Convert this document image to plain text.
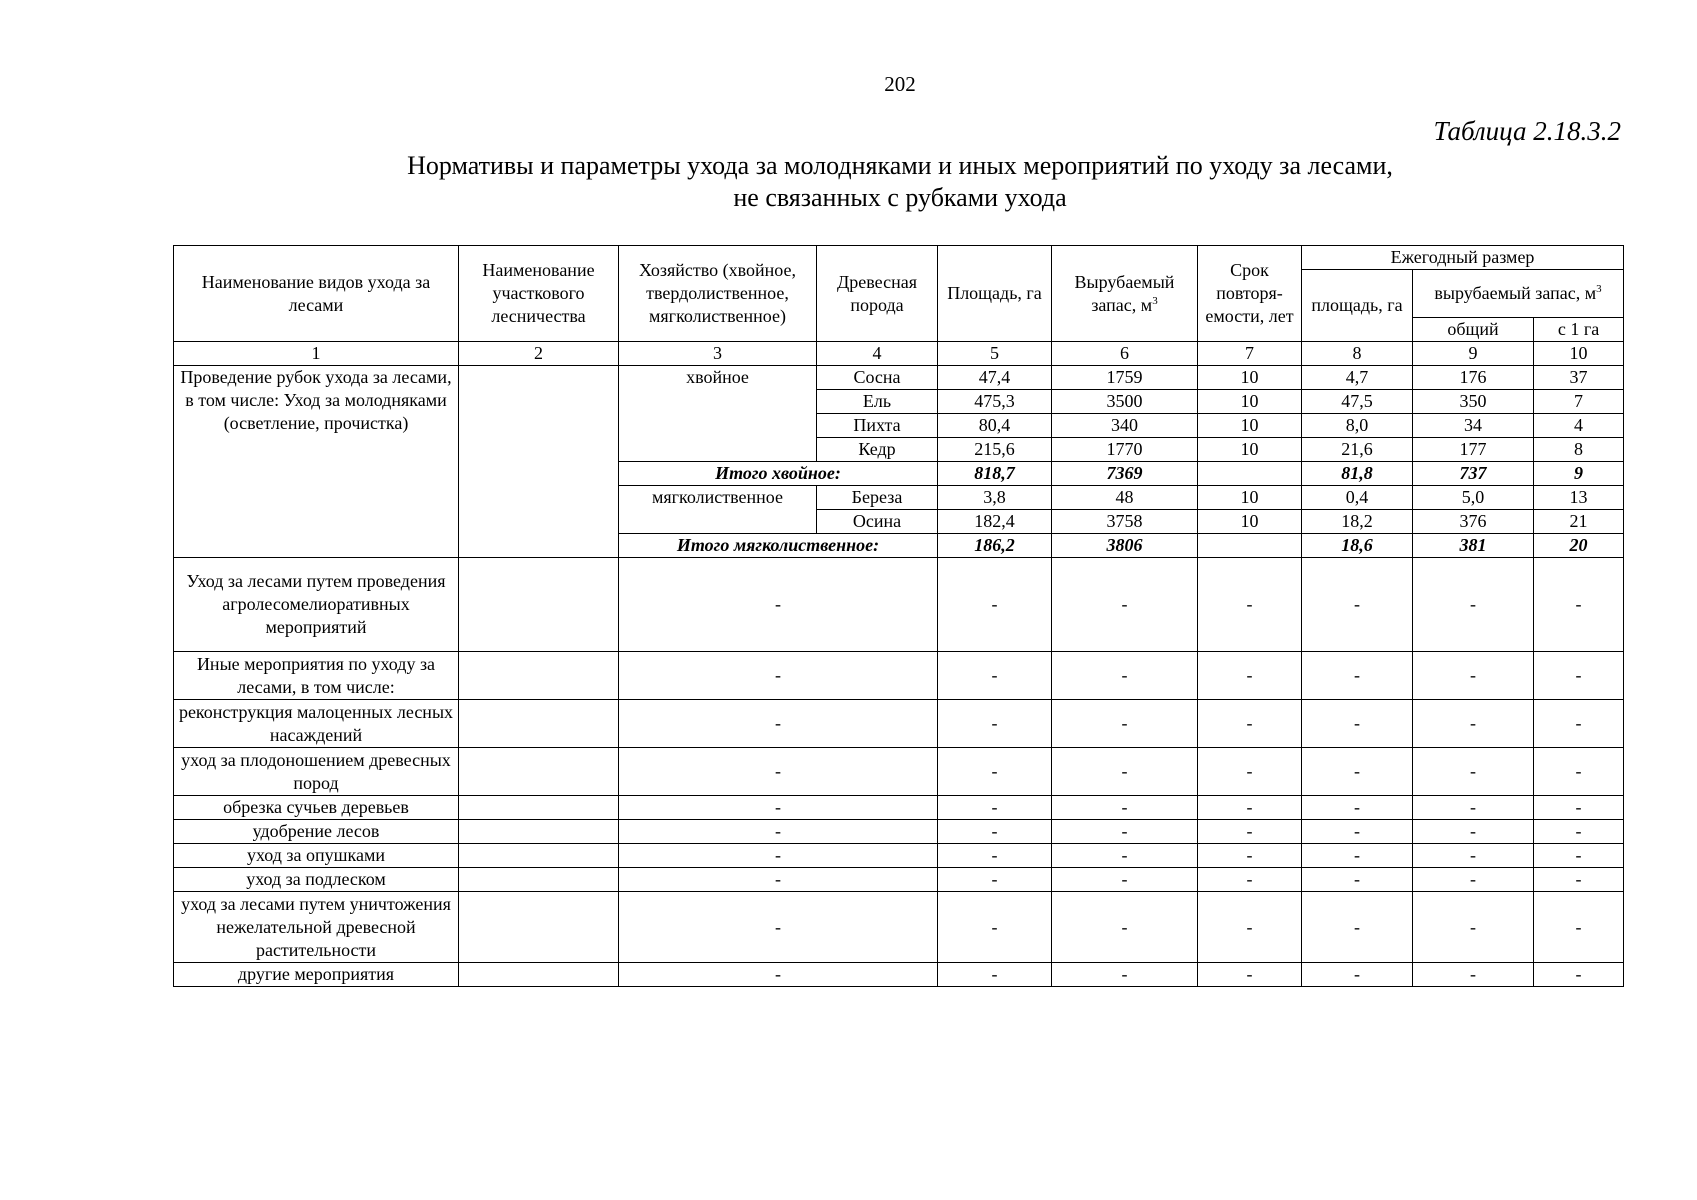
202
Таблица 2.18.3.2
Нормативы и параметры ухода за молодняками и иных мероприятий по уходу за лесами,
не связанных с рубками ухода
Наименование видов ухода за лесами	Наименование участкового лесничества	Хозяйство (хвойное, твердолиственное, мягколиственное)	Древесная порода	Площадь, га	Вырубаемый запас, $м^3$	Срок повторя-емости, лет	Ежегодный размер		
							площадь, га	вырубаемый запас, $м^3$
								общий	с 1 га
1	2	3	4	5	6	7	8	9	10
Проведение рубок ухода за лесами, в том числе: Уход за молодняками (осветление, прочистка)		хвойное	Сосна	47,4	1759	10	4,7	176	37
			Ель	475,3	3500	10	47,5	350	7
			Пихта	80,4	340	10	8,0	34	4
			Кедр	215,6	1770	10	21,6	177	8
		Итого хвойное:		818,7	7369		81,8	737	9
		мягколиственное	Береза	3,8	48	10	0,4	5,0	13
			Осина	182,4	3758	10	18,2	376	21
		Итого мягколиственное:		186,2	3806		18,6	381	20
Уход за лесами путем проведения агролесомелиоративных мероприятий		-		-	-	-	-	-	-
Иные мероприятия по уходу за лесами, в том числе:		-		-	-	-	-	-	-
реконструкция малоценных лесных насаждений		-		-	-	-	-	-	-
уход за плодоношением древесных пород		-		-	-	-	-	-	-
обрезка сучьев деревьев		-		-	-	-	-	-	-
удобрение лесов		-		-	-	-	-	-	-
уход за опушками		-		-	-	-	-	-	-
уход за подлеском		-		-	-	-	-	-	-
уход за лесами путем уничтожения нежелательной древесной растительности		-		-	-	-	-	-	-
другие мероприятия		-		-	-	-	-	-	-
